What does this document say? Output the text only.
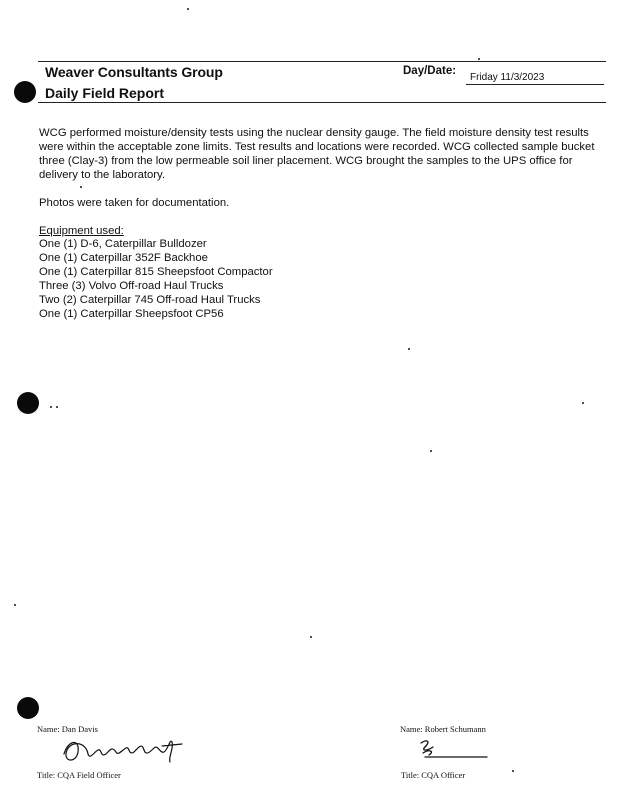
Weaver Consultants Group
Daily Field Report
Day/Date:
Friday 11/3/2023

WCG performed moisture/density tests using the nuclear density gauge. The field moisture density test results were within the acceptable zone limits. Test results and locations were recorded. WCG collected sample bucket three (Clay-3) from the low permeable soil liner placement. WCG brought the samples to the UPS office for delivery to the laboratory.

Photos were taken for documentation.

Equipment used:

One (1) D-6, Caterpillar Bulldozer
One (1) Caterpillar 352F Backhoe
One (1) Caterpillar 815 Sheepsfoot Compactor
Three (3) Volvo Off-road Haul Trucks
Two (2) Caterpillar 745 Off-road Haul Trucks
One (1) Caterpillar Sheepsfoot CP56
Name: Dan Davis
Title: CQA Field Officer
Name: Robert Schumann
Title: CQA Officer
